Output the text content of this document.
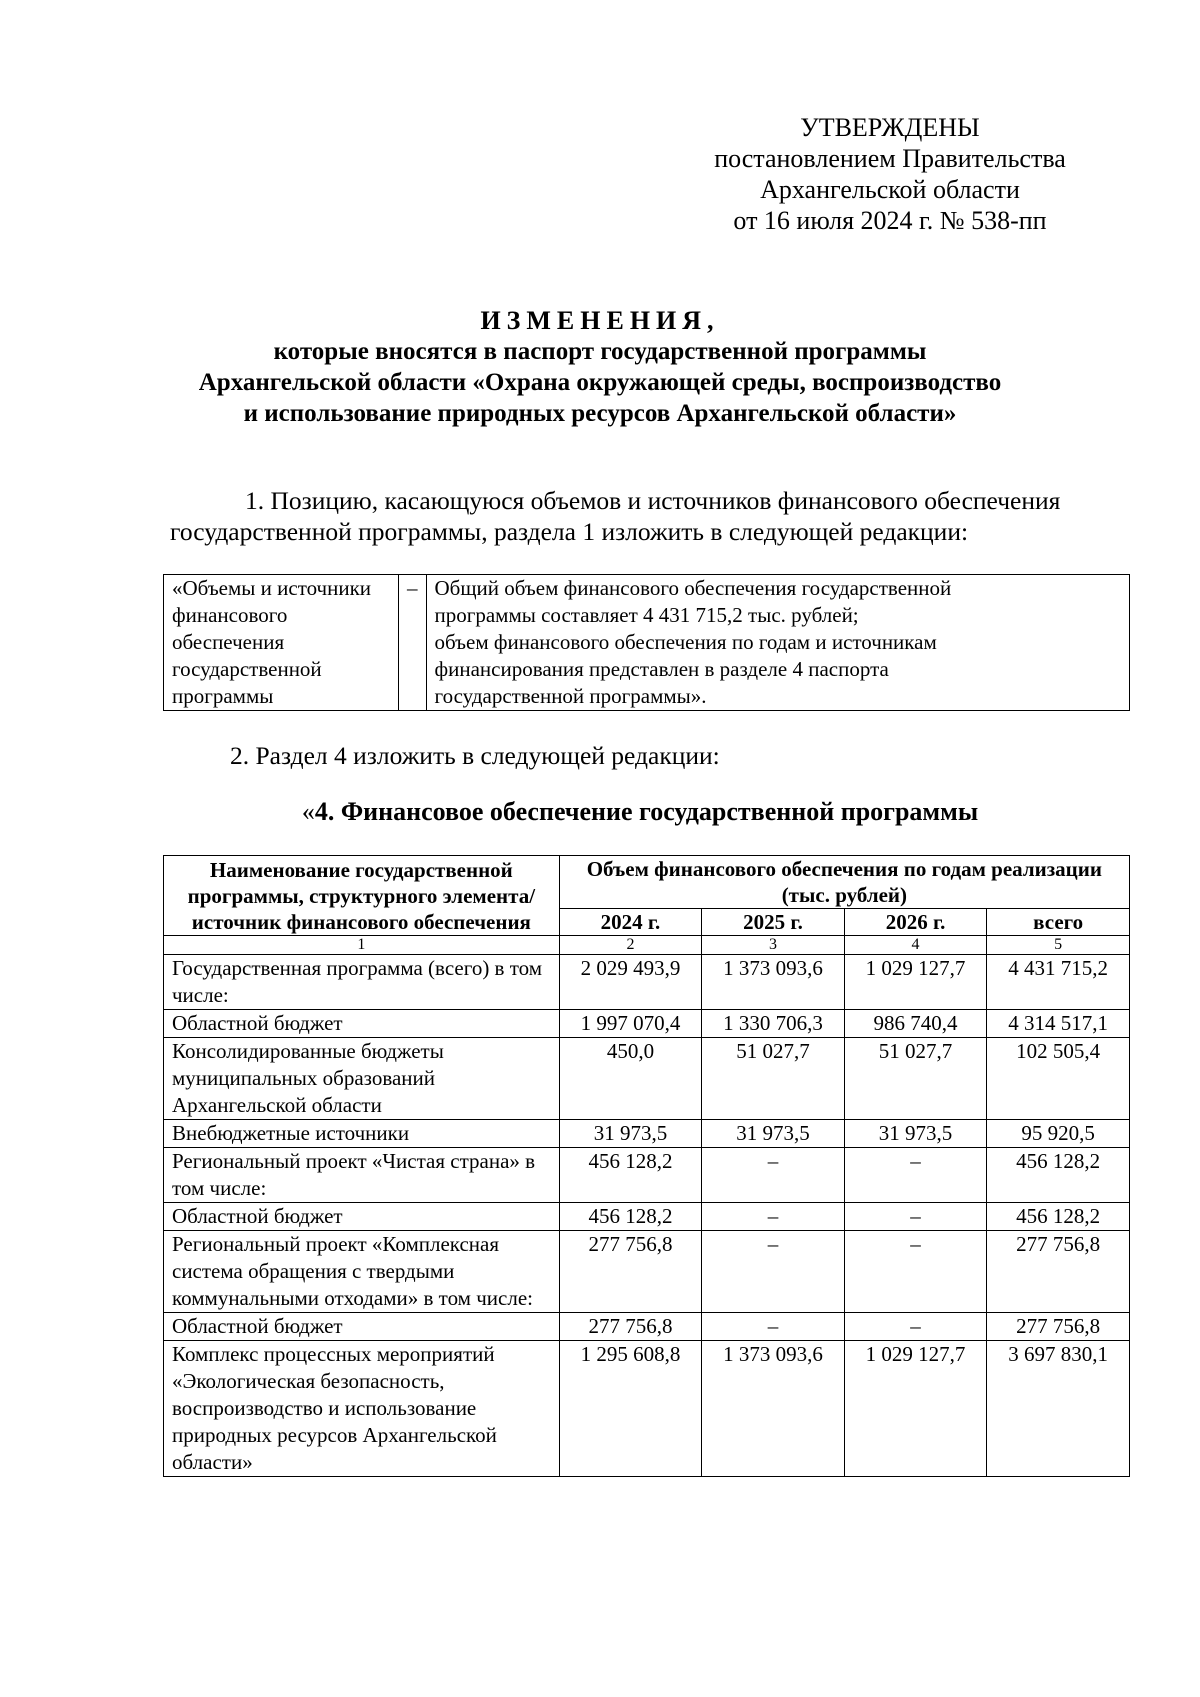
УТВЕРЖДЕНЫ
постановлением Правительства
Архангельской области
от 16 июля 2024 г. № 538-пп
ИЗМЕНЕНИЯ,
которые вносятся в паспорт государственной программы
Архангельской области «Охрана окружающей среды, воспроизводство
и использование природных ресурсов Архангельской области»
1. Позицию, касающуюся объемов и источников финансового обеспечения
государственной программы, раздела 1 изложить в следующей редакции:
«Объемы и источники
финансового
обеспечения
государственной
программы
	–	Общий объем финансового обеспечения государственной
программы составляет 4 431 715,2 тыс. рублей;
объем финансового обеспечения по годам и источникам
финансирования представлен в разделе 4 паспорта
государственной программы».
2. Раздел 4 изложить в следующей редакции:
«4. Финансовое обеспечение государственной программы
Наименование государственной программы, структурного элемента/ источник финансового обеспечения	Объем финансового обеспечения по годам реализации (тыс. рублей)			
	2024 г.	2025 г.	2026 г.	всего
1	2	3	4	5
Государственная программа (всего) в том числе:	2 029 493,9	1 373 093,6	1 029 127,7	4 431 715,2
Областной бюджет	1 997 070,4	1 330 706,3	986 740,4	4 314 517,1
Консолидированные бюджеты муниципальных образований Архангельской области	450,0	51 027,7	51 027,7	102 505,4
Внебюджетные источники	31 973,5	31 973,5	31 973,5	95 920,5
Региональный проект «Чистая страна» в том числе:	456 128,2	–	–	456 128,2
Областной бюджет	456 128,2	–	–	456 128,2
Региональный проект «Комплексная система обращения с твердыми коммунальными отходами» в том числе:	277 756,8	–	–	277 756,8
Областной бюджет	277 756,8	–	–	277 756,8
Комплекс процессных мероприятий «Экологическая безопасность, воспроизводство и использование природных ресурсов Архангельской области»	1 295 608,8	1 373 093,6	1 029 127,7	3 697 830,1
